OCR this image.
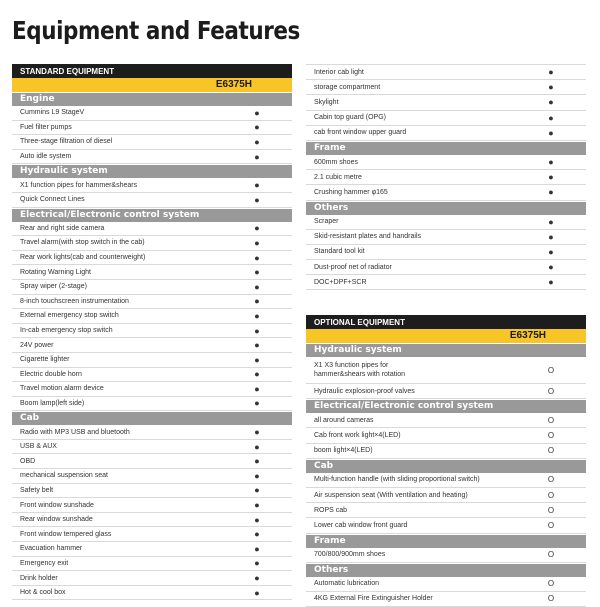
Equipment and Features
STANDARD EQUIPMENT
E6375H
Engine
Cummins L9 StageV	●
Fuel filter pumps	●
Three-stage filtration of diesel	●
Auto idle system	●
Hydraulic system
X1 function pipes for hammer&shears	●
Quick Connect Lines	●
Electrical/Electronic control system
Rear and right side camera	●
Travel alarm(with stop switch in the cab)	●
Rear work lights(cab and counterweight)	●
Rotating Warning Light	●
Spray wiper (2-stage)	●
8-inch touchscreen instrumentation	●
External emergency stop switch	●
In-cab emergency stop switch	●
24V power	●
Cigarette lighter	●
Electric double horn	●
Travel motion alarm device	●
Boom lamp(left side)	●
Cab
Radio with MP3 USB and bluetooth	●
USB & AUX	●
OBD	●
mechanical suspension seat	●
Safety belt	●
Front window sunshade	●
Rear window sunshade	●
Front window tempered glass	●
Evacuation hammer	●
Emergency exit	●
Drink holder	●
Hot & cool box	●
Interior cab light	●
storage compartment	●
Skylight	●
Cabin top guard (OPG)	●
cab front window upper guard	●
Frame
600mm shoes	●
2.1 cubic metre	●
Crushing hammer φ165	●
Others
Scraper	●
Skid-resistant plates and handrails	●
Standard tool kit	●
Dust-proof net of radiator	●
DOC+DPF+SCR	●
OPTIONAL EQUIPMENT
E6375H
Hydraulic system
X1 X3 function pipes for
hammer&shears with rotation	O
Hydraulic explosion-proof valves	O
Electrical/Electronic control system
all around cameras	O
Cab front work light×4(LED)	O
boom light×4(LED)	O
Cab
Multi-function handle (with sliding proportional switch)	O
Air suspension seat (With ventilation and heating)	O
ROPS cab	O
Lower cab window front guard	O
Frame
700/800/900mm shoes	O
Others
Automatic lubrication	O
4KG External Fire Extinguisher Holder	O
